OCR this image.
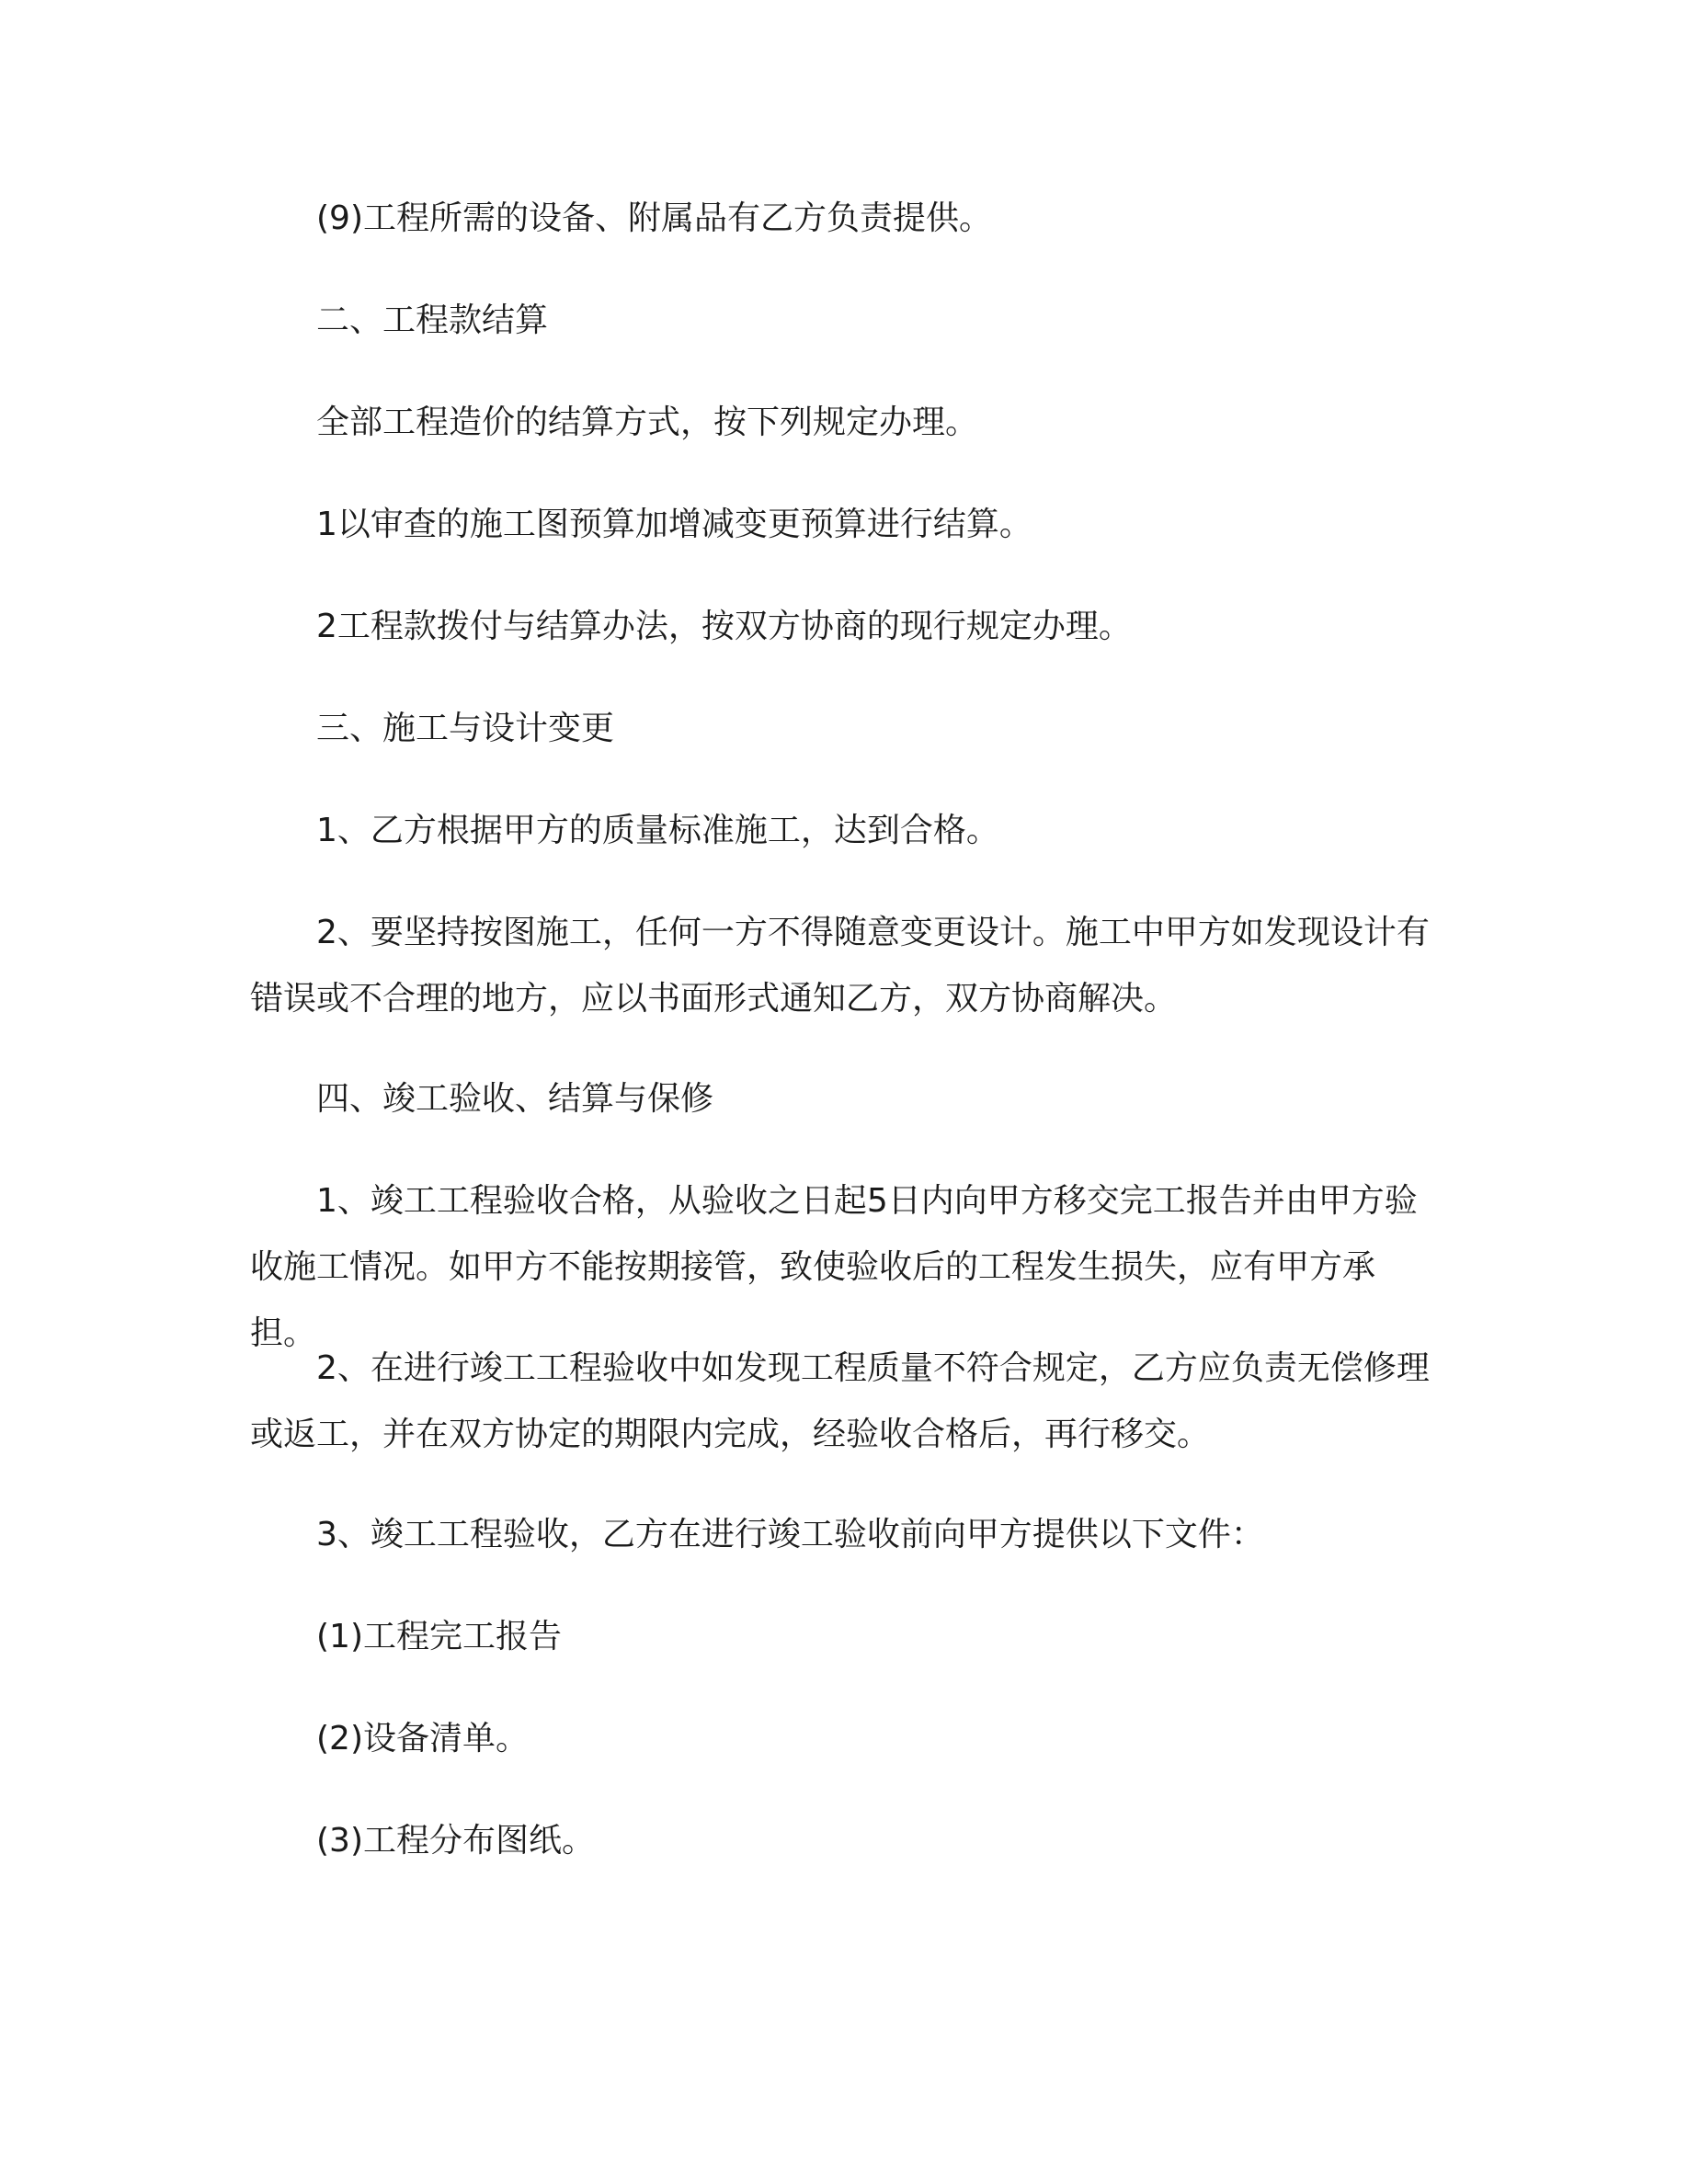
(9)工程所需的设备、附属品有乙方负责提供。

二、工程款结算

全部工程造价的结算方式，按下列规定办理。

1以审查的施工图预算加增减变更预算进行结算。

2工程款拨付与结算办法，按双方协商的现行规定办理。

三、施工与设计变更

1、乙方根据甲方的质量标准施工，达到合格。

2、要坚持按图施工，任何一方不得随意变更设计。施工中甲方如发现设计有错误或不合理的地方，应以书面形式通知乙方，双方协商解决。

四、竣工验收、结算与保修

1、竣工工程验收合格，从验收之日起5日内向甲方移交完工报告并由甲方验收施工情况。如甲方不能按期接管，致使验收后的工程发生损失，应有甲方承担。

2、在进行竣工工程验收中如发现工程质量不符合规定，乙方应负责无偿修理或返工，并在双方协定的期限内完成，经验收合格后，再行移交。

3、竣工工程验收，乙方在进行竣工验收前向甲方提供以下文件：

(1)工程完工报告

(2)设备清单。

(3)工程分布图纸。
